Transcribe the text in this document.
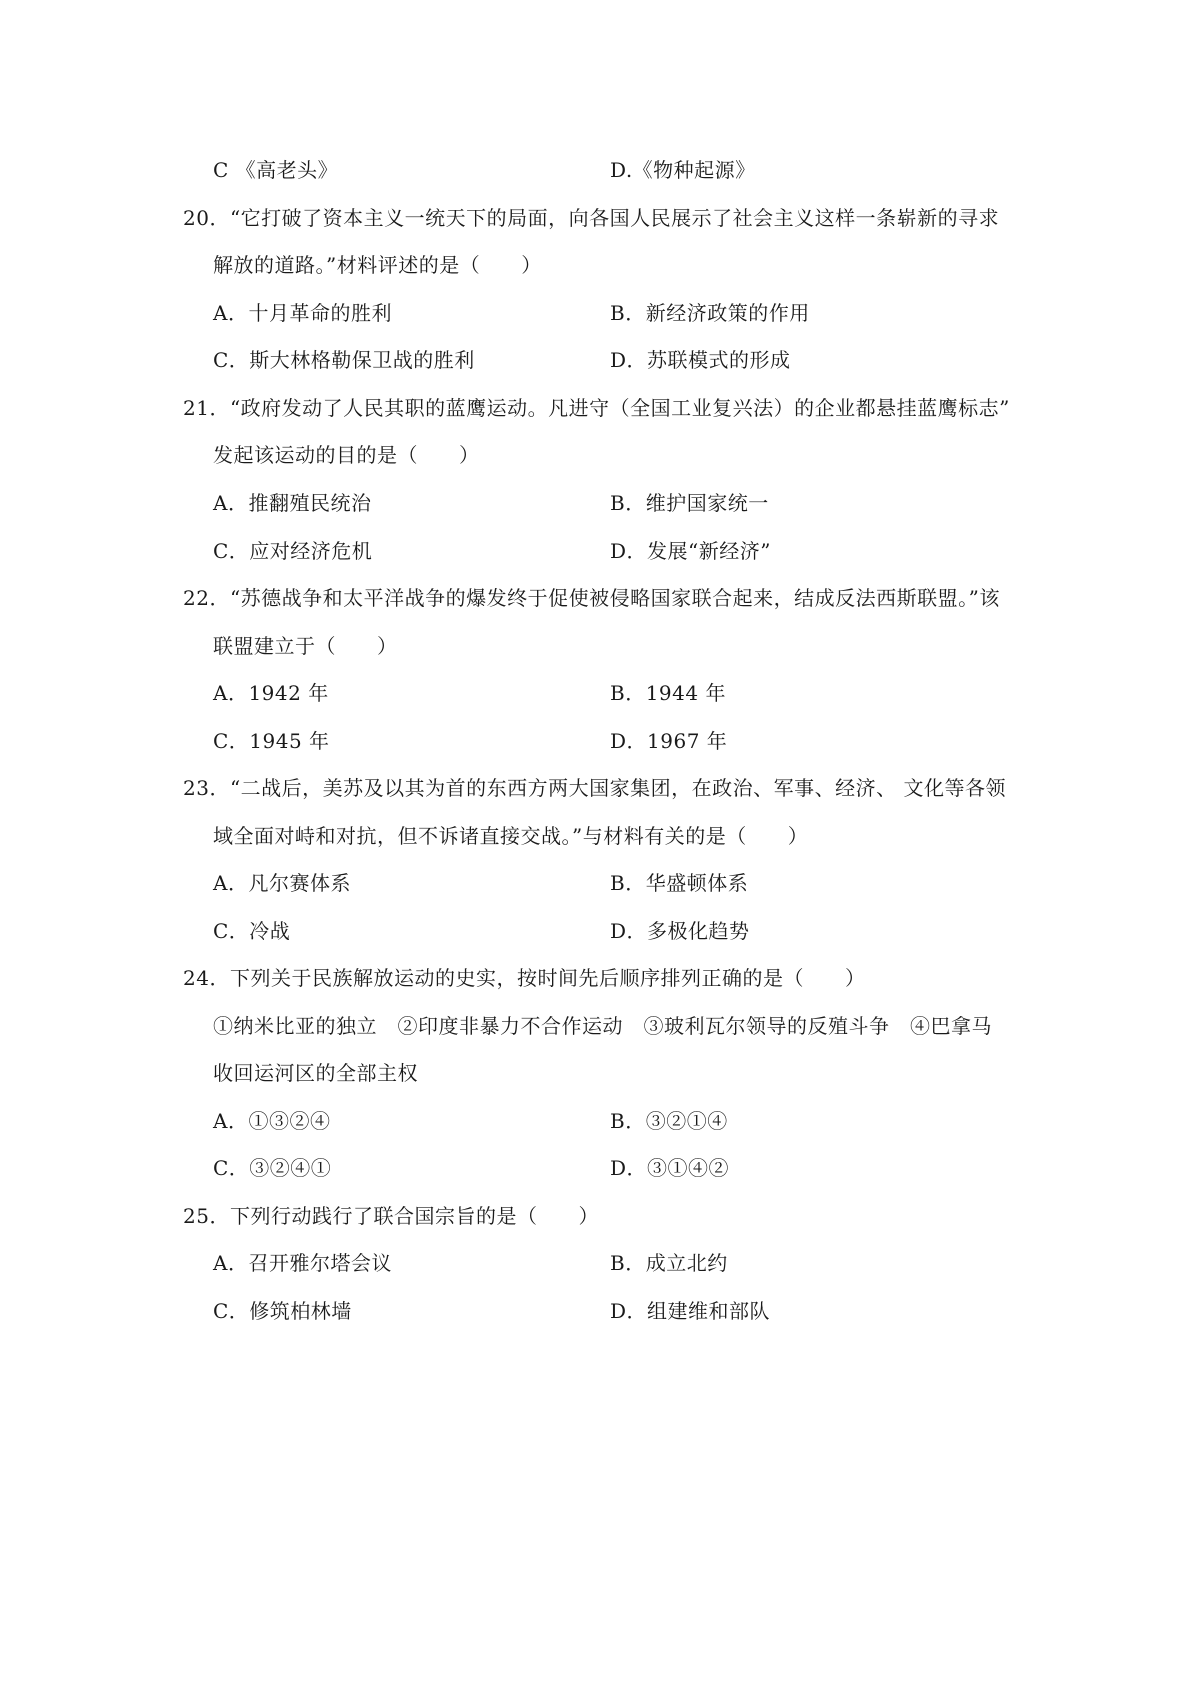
C 《高老头》	D.《物种起源》
20．“它打破了资本主义一统天下的局面，向各国人民展示了社会主义这样一条崭新的寻求
解放的道路。”材料评述的是（　　）
A．十月革命的胜利	B．新经济政策的作用
C．斯大林格勒保卫战的胜利	D．苏联模式的形成
21．“政府发动了人民其职的蓝鹰运动。凡进守（全国工业复兴法）的企业都悬挂蓝鹰标志”
发起该运动的目的是（　　）
A．推翻殖民统治	B．维护国家统一
C．应对经济危机	D．发展“新经济”
22．“苏德战争和太平洋战争的爆发终于促使被侵略国家联合起来，结成反法西斯联盟。”该
联盟建立于（　　）
A．1942 年	B．1944 年
C．1945 年	D．1967 年
23．“二战后，美苏及以其为首的东西方两大国家集团，在政治、军事、经济、 文化等各领
域全面对峙和对抗，但不诉诸直接交战。”与材料有关的是（　　）
A．凡尔赛体系	B．华盛顿体系
C．冷战	D．多极化趋势
24．下列关于民族解放运动的史实，按时间先后顺序排列正确的是（　　）
①纳米比亚的独立　②印度非暴力不合作运动　③玻利瓦尔领导的反殖斗争　④巴拿马
收回运河区的全部主权
A．①③②④	B．③②①④
C．③②④①	D．③①④②
25．下列行动践行了联合国宗旨的是（　　）
A．召开雅尔塔会议	B．成立北约
C．修筑柏林墙	D．组建维和部队
